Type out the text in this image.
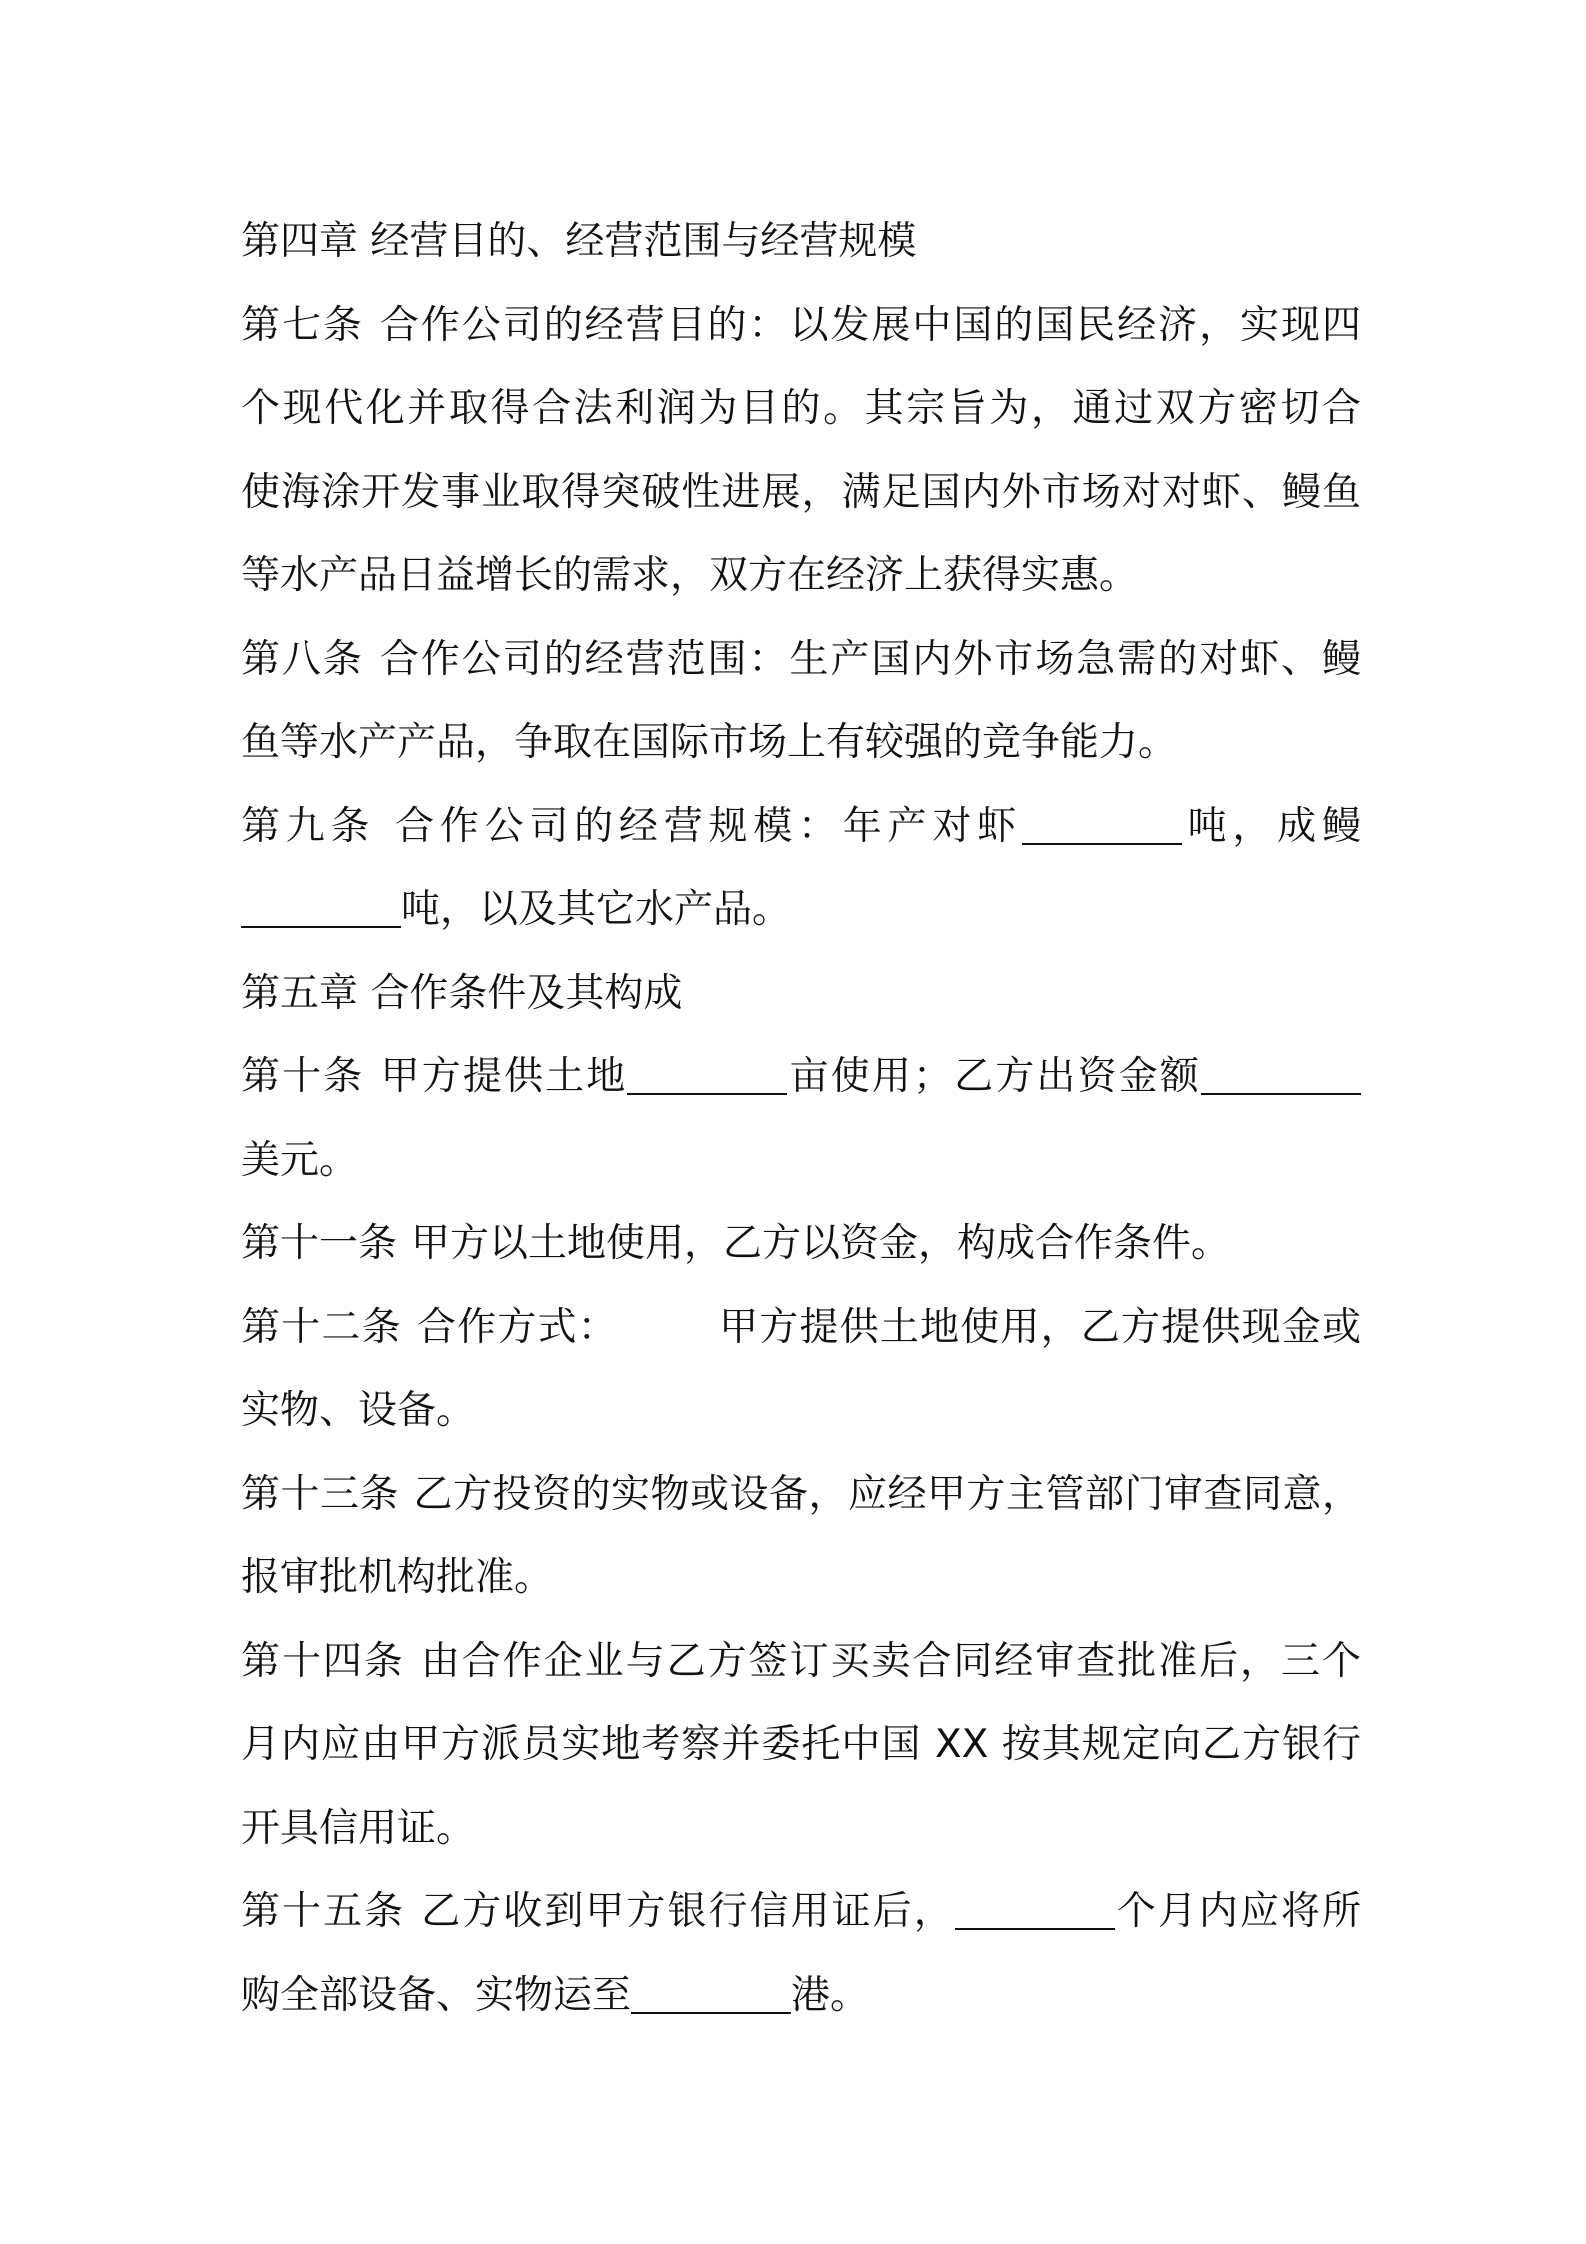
第四章 经营目的、经营范围与经营规模
第七条 合作公司的经营目的：以发展中国的国民经济，实现四
个现代化并取得合法利润为目的。其宗旨为，通过双方密切合
使海涂开发事业取得突破性进展，满足国内外市场对对虾、鳗鱼
等水产品日益增长的需求，双方在经济上获得实惠。
第八条 合作公司的经营范围：生产国内外市场急需的对虾、鳗
鱼等水产产品，争取在国际市场上有较强的竞争能力。
第九条 合作公司的经营规模：年产对虾	吨，成鳗
吨，以及其它水产品。
第五章 合作条件及其构成
第十条 甲方提供土地	亩使用；乙方出资金额
美元。
第十一条 甲方以土地使用，乙方以资金，构成合作条件。
第十二条 合作方式：	甲方提供土地使用，乙方提供现金或
实物、设备。
第十三条 乙方投资的实物或设备，应经甲方主管部门审查同意，
报审批机构批准。
第十四条 由合作企业与乙方签订买卖合同经审查批准后，三个
月内应由甲方派员实地考察并委托中国 XX 按其规定向乙方银行
开具信用证。
第十五条 乙方收到甲方银行信用证后，	个月内应将所
购全部设备、实物运至	港。
